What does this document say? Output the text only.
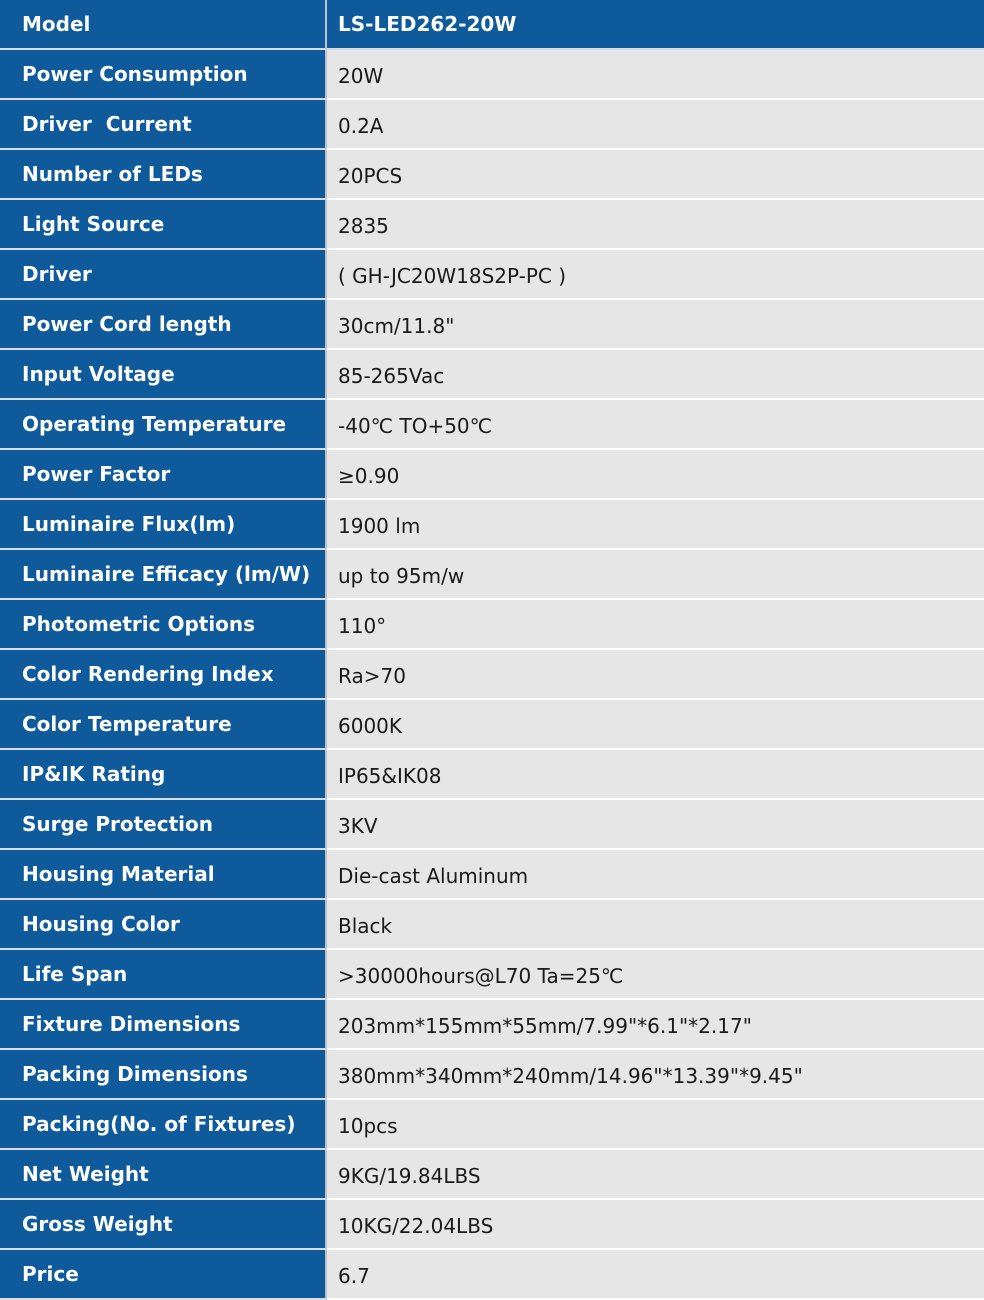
Model	LS-LED262-20W
Power Consumption	20W
Driver  Current	0.2A
Number of LEDs	20PCS
Light Source	2835
Driver	( GH-JC20W18S2P-PC )
Power Cord length	30cm/11.8"
Input Voltage	85-265Vac
Operating Temperature	-40℃ TO+50℃
Power Factor	≥0.90
Luminaire Flux(lm)	1900 lm
Luminaire Efficacy (lm/W)	up to 95m/w
Photometric Options	110°
Color Rendering Index	Ra>70
Color Temperature	6000K
IP&IK Rating	IP65&IK08
Surge Protection	3KV
Housing Material	Die-cast Aluminum
Housing Color	Black
Life Span	>30000hours@L70 Ta=25℃
Fixture Dimensions	203mm*155mm*55mm/7.99"*6.1"*2.17"
Packing Dimensions	380mm*340mm*240mm/14.96"*13.39"*9.45"
Packing(No. of Fixtures)	10pcs
Net Weight	9KG/19.84LBS
Gross Weight	10KG/22.04LBS
Price	6.7
